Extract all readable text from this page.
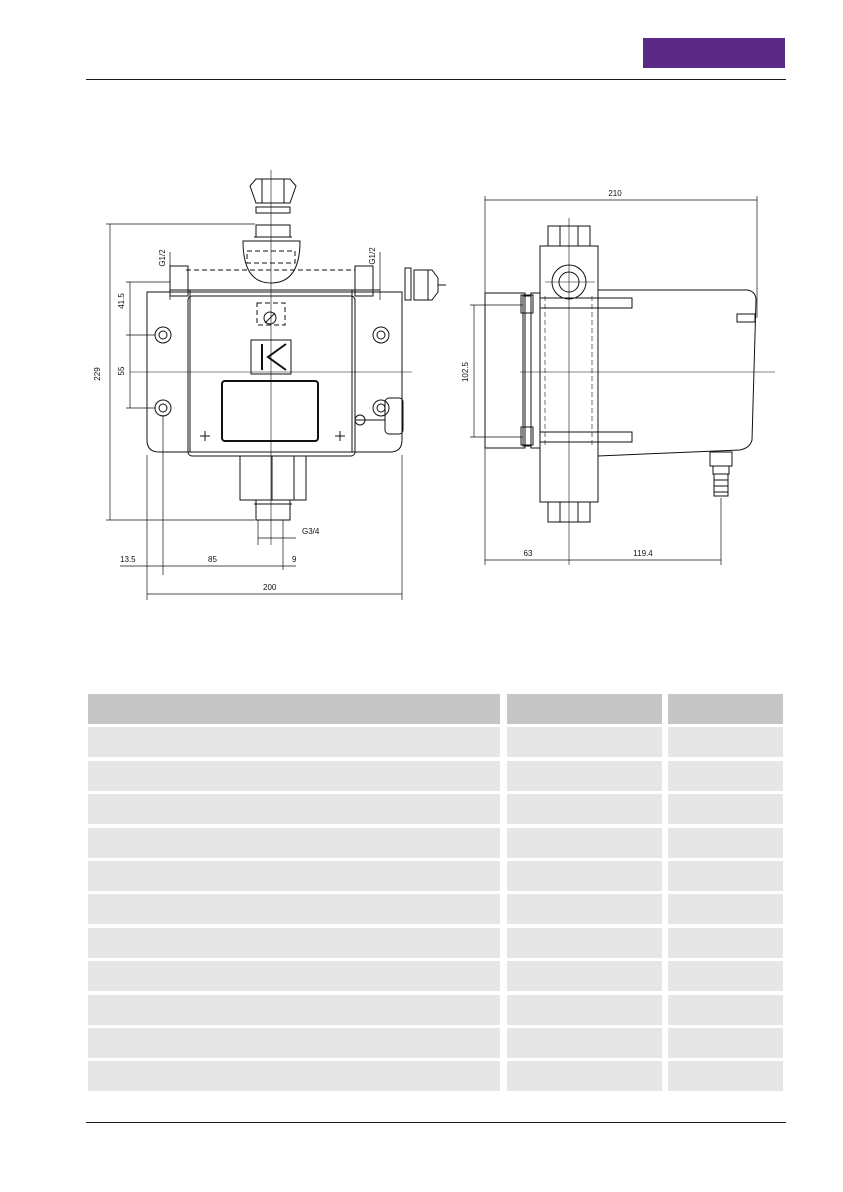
229
41.5
55
G1/2	G1/2
G3/4
13.5	85	9
200
210
102.5
63	119.4
